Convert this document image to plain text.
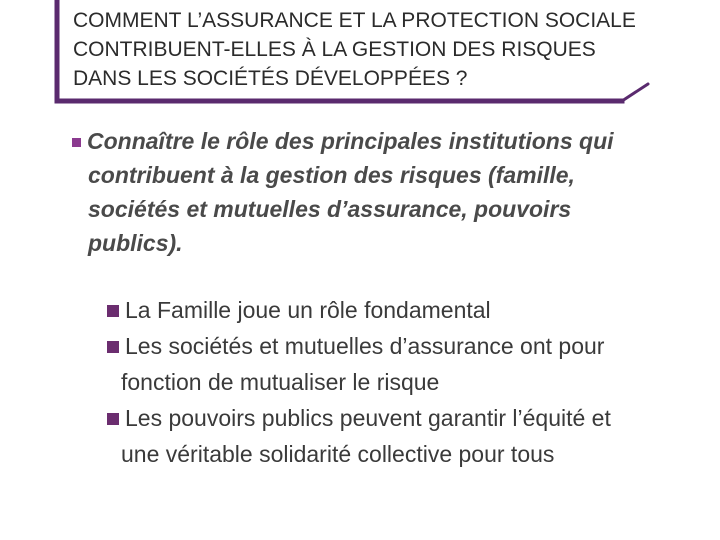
COMMENT L’ASSURANCE ET LA PROTECTION SOCIALE
CONTRIBUENT-ELLES À LA GESTION DES RISQUES
DANS LES SOCIÉTÉS DÉVELOPPÉES ?
Connaître le rôle des principales institutions qui
contribuent à la gestion des risques (famille,
sociétés et mutuelles d’assurance, pouvoirs
publics).
La Famille joue un rôle fondamental
Les sociétés et mutuelles d’assurance ont pour
fonction de mutualiser le risque
Les pouvoirs publics peuvent garantir l’équité et
une véritable solidarité collective pour tous
